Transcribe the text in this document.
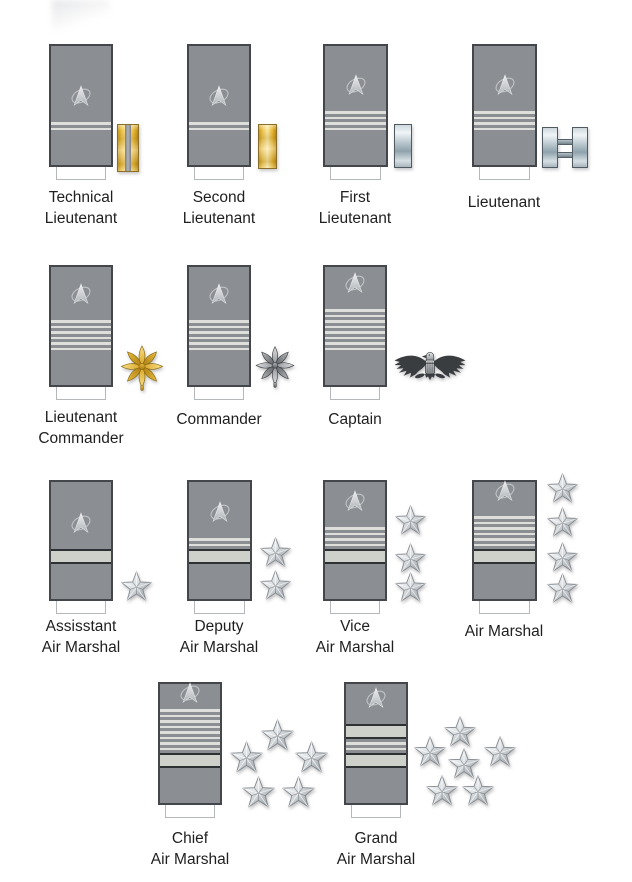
Technical
Lieutenant
Second
Lieutenant
First
Lieutenant
Lieutenant
Lieutenant
Commander
Commander	Captain
Assisstant
Air Marshal
Deputy
Air Marshal
Vice
Air Marshal
Air Marshal
Chief
Air Marshal
Grand
Air Marshal
